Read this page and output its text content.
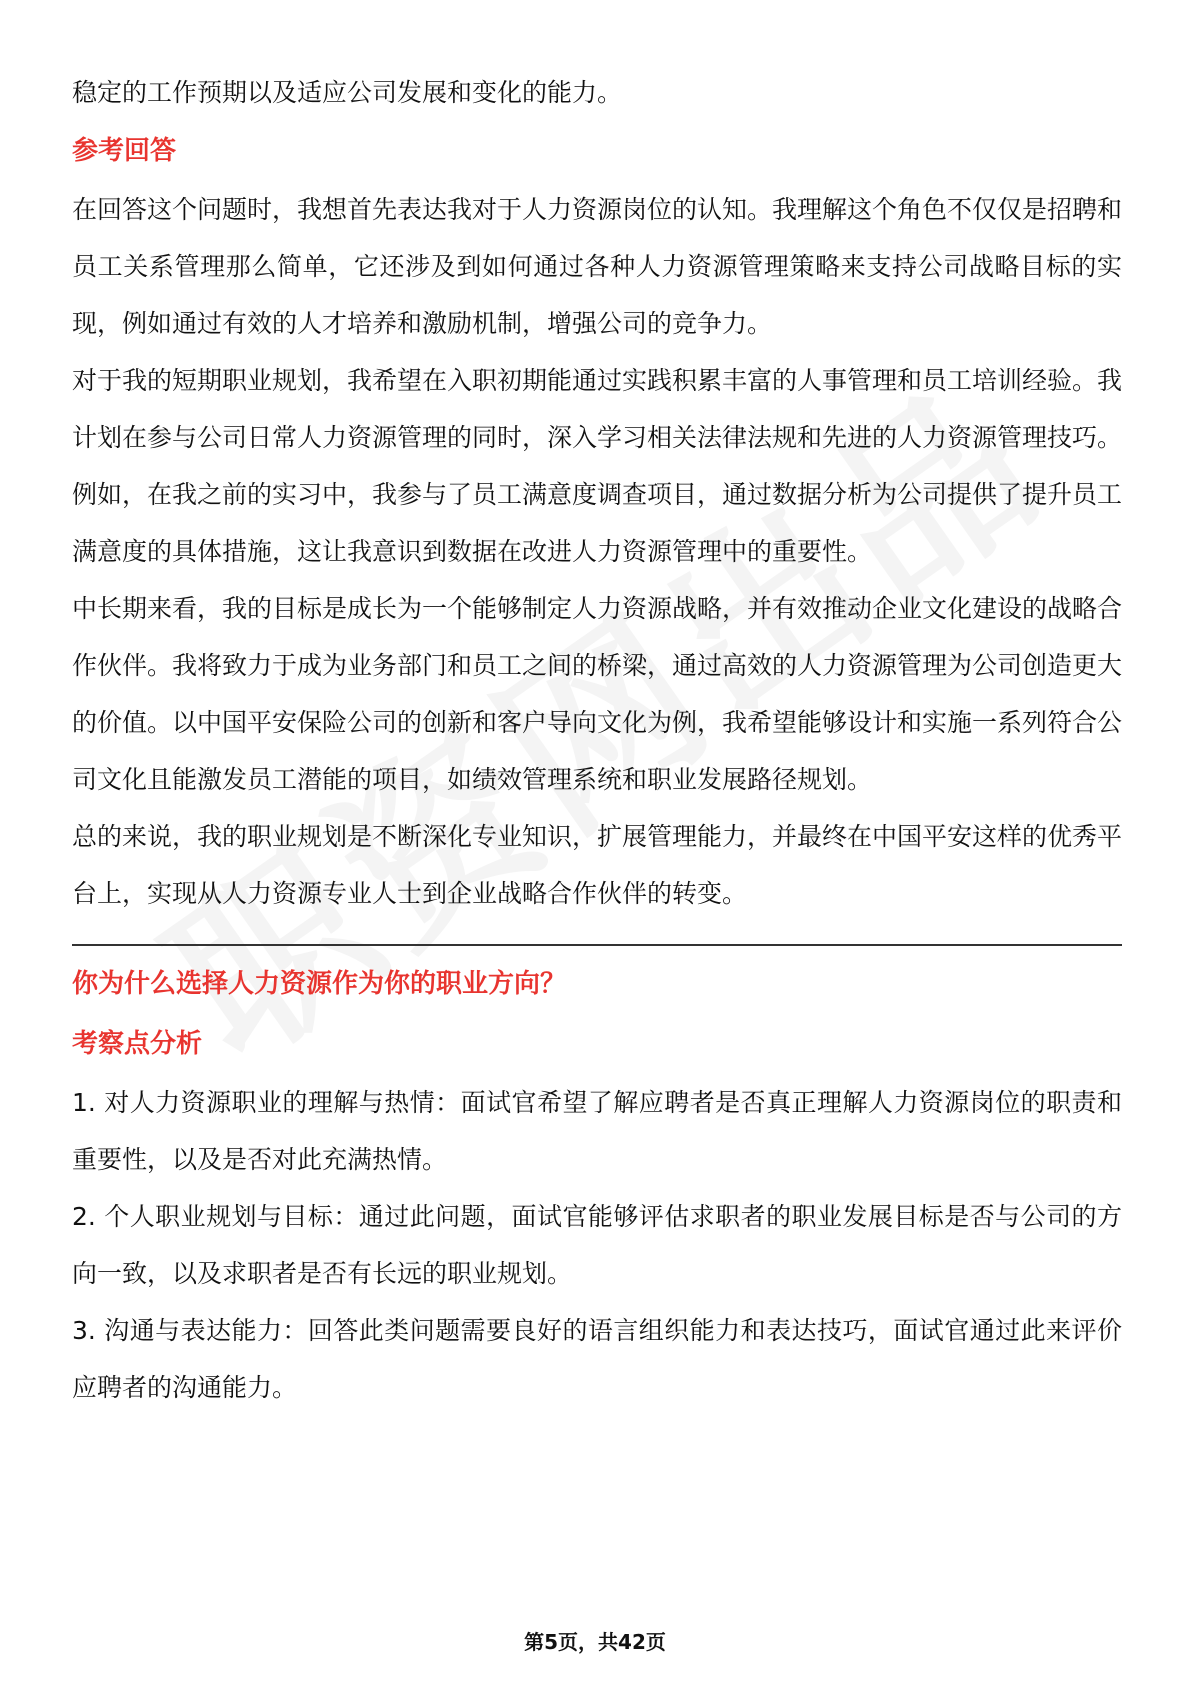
稳定的工作预期以及适应公司发展和变化的能力。

参考回答

在回答这个问题时，我想首先表达我对于人力资源岗位的认知。我理解这个角色不仅仅是招聘和员工关系管理那么简单，它还涉及到如何通过各种人力资源管理策略来支持公司战略目标的实现，例如通过有效的人才培养和激励机制，增强公司的竞争力。

对于我的短期职业规划，我希望在入职初期能通过实践积累丰富的人事管理和员工培训经验。我计划在参与公司日常人力资源管理的同时，深入学习相关法律法规和先进的人力资源管理技巧。例如，在我之前的实习中，我参与了员工满意度调查项目，通过数据分析为公司提供了提升员工满意度的具体措施，这让我意识到数据在改进人力资源管理中的重要性。

中长期来看，我的目标是成长为一个能够制定人力资源战略，并有效推动企业文化建设的战略合作伙伴。我将致力于成为业务部门和员工之间的桥梁，通过高效的人力资源管理为公司创造更大的价值。以中国平安保险公司的创新和客户导向文化为例，我希望能够设计和实施一系列符合公司文化且能激发员工潜能的项目，如绩效管理系统和职业发展路径规划。

总的来说，我的职业规划是不断深化专业知识，扩展管理能力，并最终在中国平安这样的优秀平台上，实现从人力资源专业人士到企业战略合作伙伴的转变。

你为什么选择人力资源作为你的职业方向？
考察点分析

1. 对人力资源职业的理解与热情：面试官希望了解应聘者是否真正理解人力资源岗位的职责和重要性，以及是否对此充满热情。

2. 个人职业规划与目标：通过此问题，面试官能够评估求职者的职业发展目标是否与公司的方向一致，以及求职者是否有长远的职业规划。

3. 沟通与表达能力：回答此类问题需要良好的语言组织能力和表达技巧，面试官通过此来评价应聘者的沟通能力。

第5页，共42页
